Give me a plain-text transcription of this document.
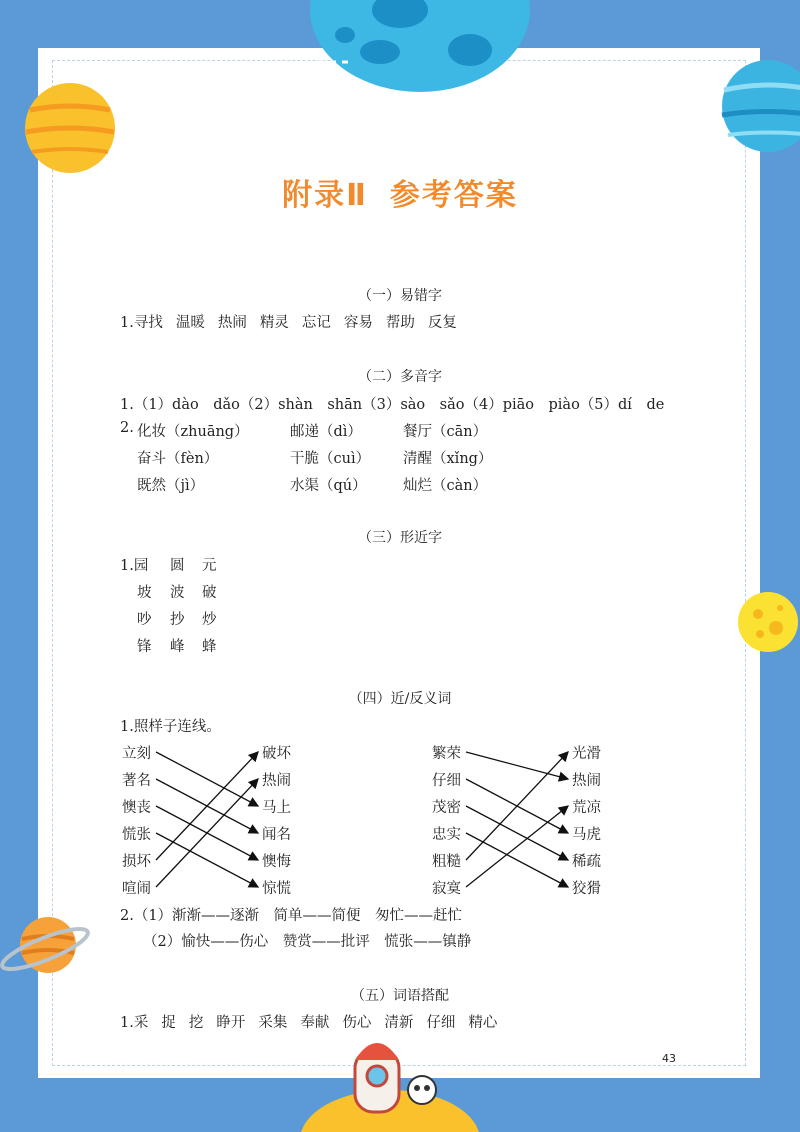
附录Ⅱ 参考答案
（一）易错字
1.寻找 温暖 热闹 精灵 忘记 容易 帮助 反复
（二）多音字
1.（1）dào　dǎo（2）shàn　shān（3）sào　sǎo（4）piāo　piào（5）dí　de
2. 化妆（zhuāng）	邮递（dì）	餐厅（cān）
奋斗（fèn）	干脆（cuì） 清醒（xǐng）
既然（jì）	水渠（qú）	灿烂（càn）
（三）形近字
1.园 圆 元
坡 波 破
吵 抄 炒
锋 峰 蜂
（四）近/反义词
1.照样子连线。
立刻
著名
懊丧
慌张
损坏
喧闹
破坏
热闹
马上
闻名
懊悔
惊慌
繁荣
仔细
茂密
忠实
粗糙
寂寞
光滑
热闹
荒凉
马虎
稀疏
狡猾
2.（1）渐渐——逐渐　简单——简便　匆忙——赶忙
（2）愉快——伤心　赞赏——批评　慌张——镇静
（五）词语搭配
1.采 捉 挖 睁开 采集 奉献 伤心 清新 仔细 精心
43
